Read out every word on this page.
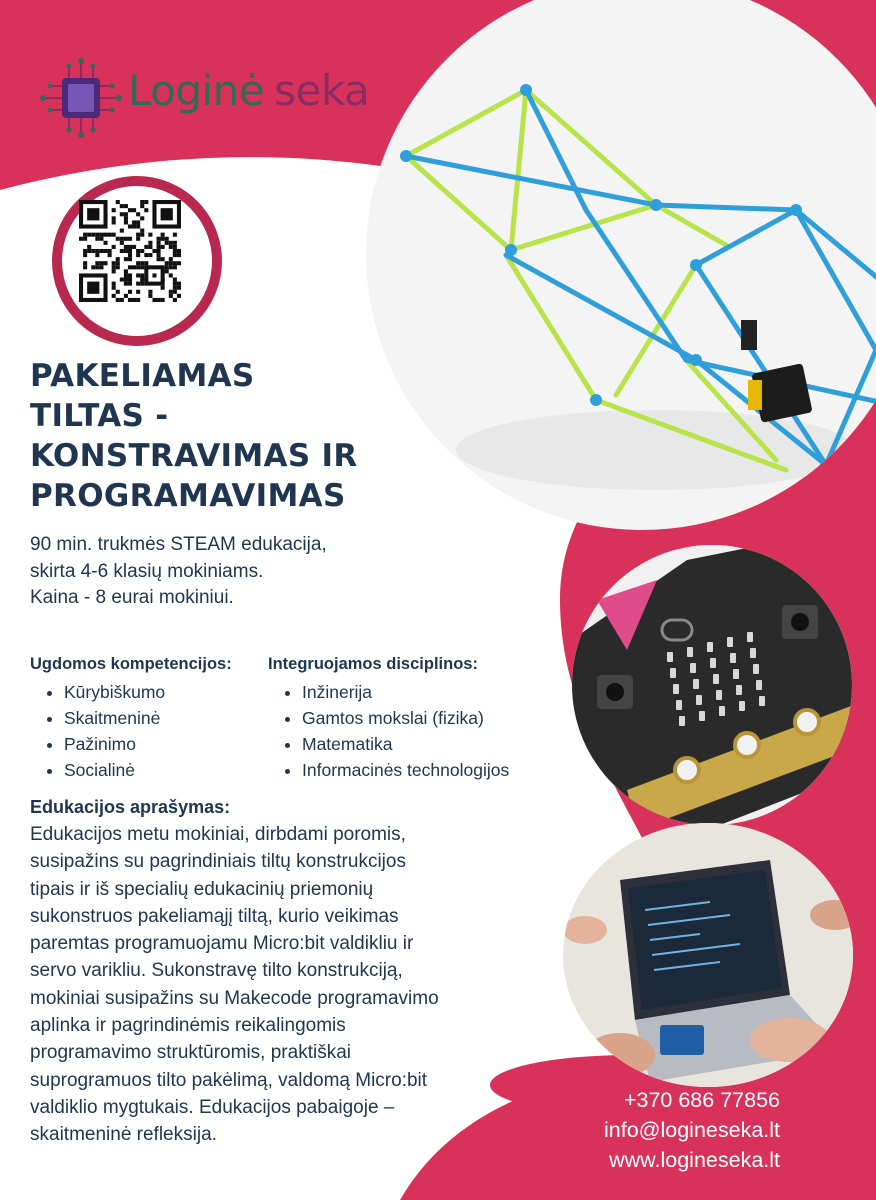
Loginė seka
PAKELIAMAS
TILTAS -
KONSTRAVIMAS IR
PROGRAMAVIMAS
90 min. trukmės STEAM edukacija,
skirta 4-6 klasių mokiniams.
Kaina - 8 eurai mokiniui.
Ugdomos kompetencijos:
• Kūrybiškumo
• Skaitmeninė
• Pažinimo
• Socialinė
Integruojamos disciplinos:
• Inžinerija
• Gamtos mokslai (fizika)
• Matematika
• Informacinės technologijos
Edukacijos aprašymas:
Edukacijos metu mokiniai, dirbdami poromis,
susipažins su pagrindiniais tiltų konstrukcijos
tipais ir iš specialių edukacinių priemonių
sukonstruos pakeliamąjį tiltą, kurio veikimas
paremtas programuojamu Micro:bit valdikliu ir
servo varikliu. Sukonstravę tilto konstrukciją,
mokiniai susipažins su Makecode programavimo
aplinka ir pagrindinėmis reikalingomis
programavimo struktūromis, praktiškai
suprogramuos tilto pakėlimą, valdomą Micro:bit
valdiklio mygtukais. Edukacijos pabaigoje –
skaitmeninė refleksija.
+370 686 77856
info@logineseka.lt
www.logineseka.lt
